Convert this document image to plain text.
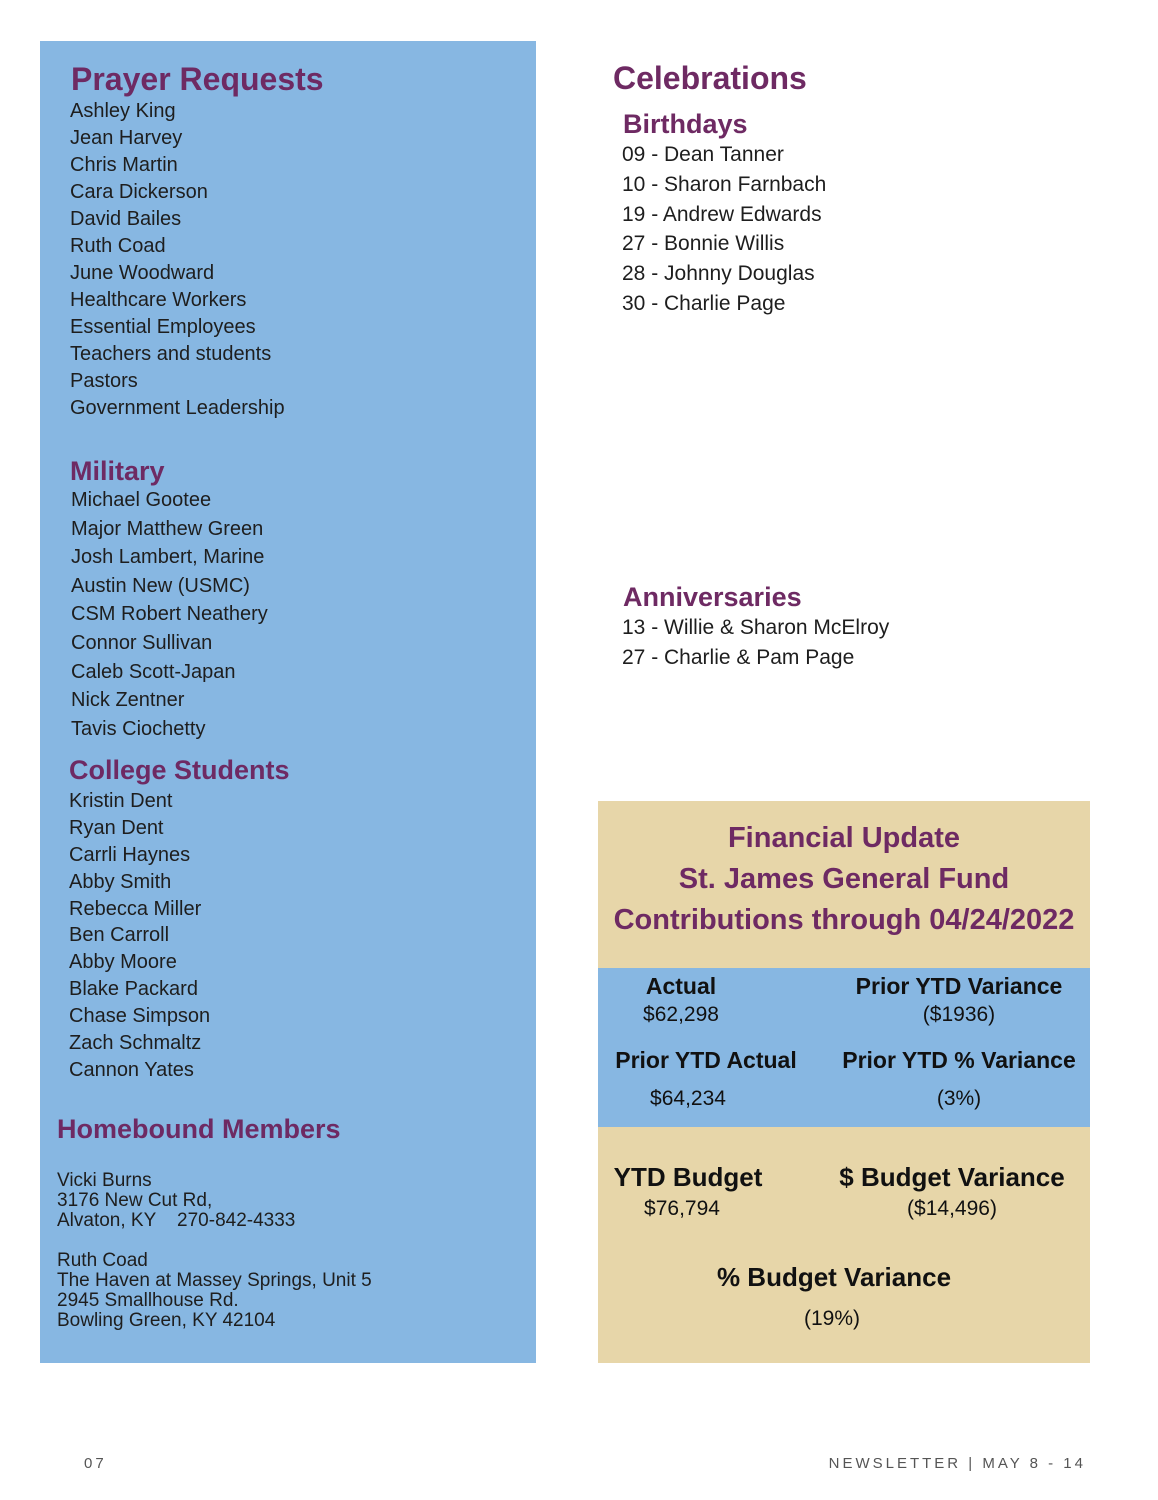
Prayer Requests
Ashley King
Jean Harvey
Chris Martin
Cara Dickerson
David Bailes
Ruth Coad
June Woodward
Healthcare Workers
Essential Employees
Teachers and students
Pastors
Government Leadership
Military
Michael Gootee
Major Matthew Green
Josh Lambert, Marine
Austin New (USMC)
CSM Robert Neathery
Connor Sullivan
Caleb Scott-Japan
Nick Zentner
Tavis Ciochetty
College Students
Kristin Dent
Ryan Dent
Carrli Haynes
Abby Smith
Rebecca Miller
Ben Carroll
Abby Moore
Blake Packard
Chase Simpson
Zach Schmaltz
Cannon Yates
Homebound Members
Vicki Burns
3176 New Cut Rd,
Alvaton, KY    270-842-4333
Ruth Coad
The Haven at Massey Springs, Unit 5
2945 Smallhouse Rd.
Bowling Green, KY 42104
Celebrations
Birthdays
09 - Dean Tanner
10 - Sharon Farnbach
19 - Andrew Edwards
27 - Bonnie Willis
28 - Johnny Douglas
30 - Charlie Page
Anniversaries
13 - Willie & Sharon McElroy
27 - Charlie & Pam Page
Financial Update
St. James General Fund
Contributions through 04/24/2022
Actual
$62,298
Prior YTD Variance
($1936)
Prior YTD Actual
$64,234
Prior YTD % Variance
(3%)
YTD Budget
$76,794
$ Budget Variance
($14,496)
% Budget Variance
(19%)
07	NEWSLETTER | MAY 8 - 14
